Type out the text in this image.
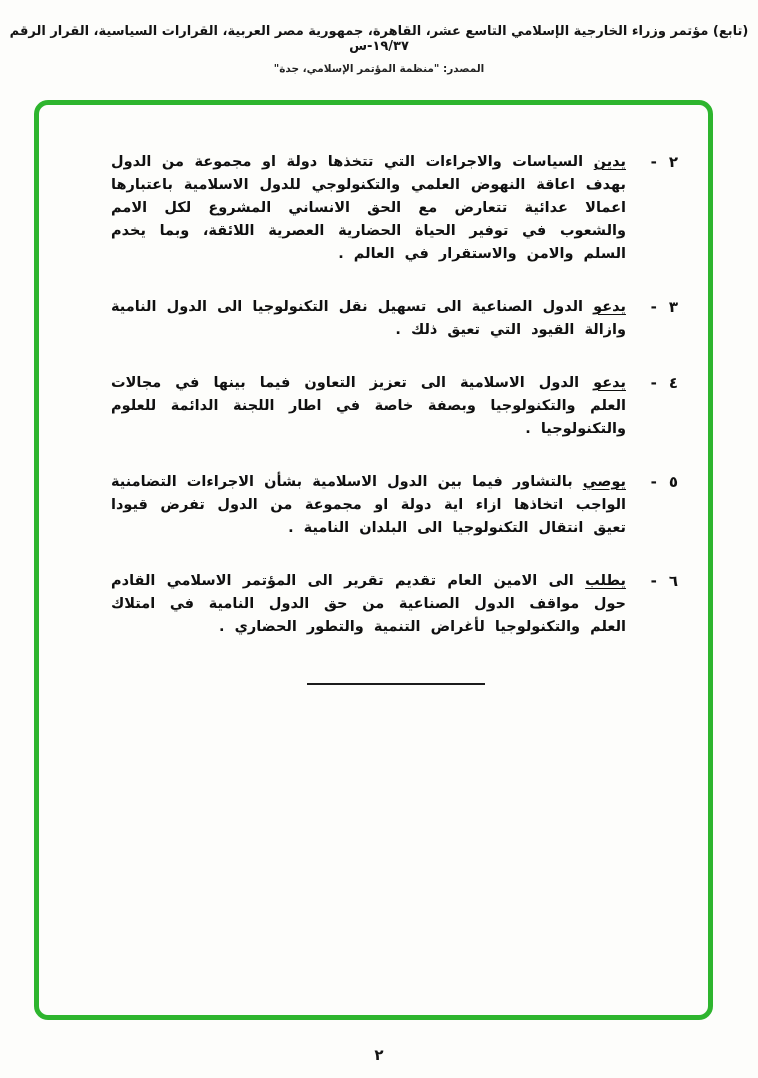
(تابع) مؤتمر وزراء الخارجية الإسلامي التاسع عشر، القاهرة، جمهورية مصر العربية، القرارات السياسية، القرار الرقم ١٩/٣٧-س
المصدر: "منظمة المؤتمر الإسلامي، جدة"
٢
-

يدين السياسات والاجراءات التي تتخذها دولة او مجموعة من الدول بهدف اعاقة النهوض العلمي والتكنولوجي للدول الاسلامية باعتبارها اعمالا عدائية تتعارض مع الحق الانساني المشروع لكل الامم والشعوب في توفير الحياة الحضارية العصرية اللائقة، وبما يخدم السلم والامن والاستقرار في العالم .

٣
-

يدعو الدول الصناعية الى تسهيل نقل التكنولوجيا الى الدول النامية وازالة القيود التي تعيق ذلك .

٤
-

يدعو الدول الاسلامية الى تعزيز التعاون فيما بينها في مجالات العلم والتكنولوجيا وبصفة خاصة في اطار اللجنة الدائمة للعلوم والتكنولوجيا .

٥
-

يوصي بالتشاور فيما بين الدول الاسلامية بشأن الاجراءات التضامنية الواجب اتخاذها ازاء اية دولة او مجموعة من الدول تفرض قيودا تعيق انتقال التكنولوجيا الى البلدان النامية .

٦
-

يطلب الى الامين العام تقديم تقرير الى المؤتمر الاسلامي القادم حول مواقف الدول الصناعية من حق الدول النامية في امتلاك العلم والتكنولوجيا لأغراض التنمية والتطور الحضاري .

٢
